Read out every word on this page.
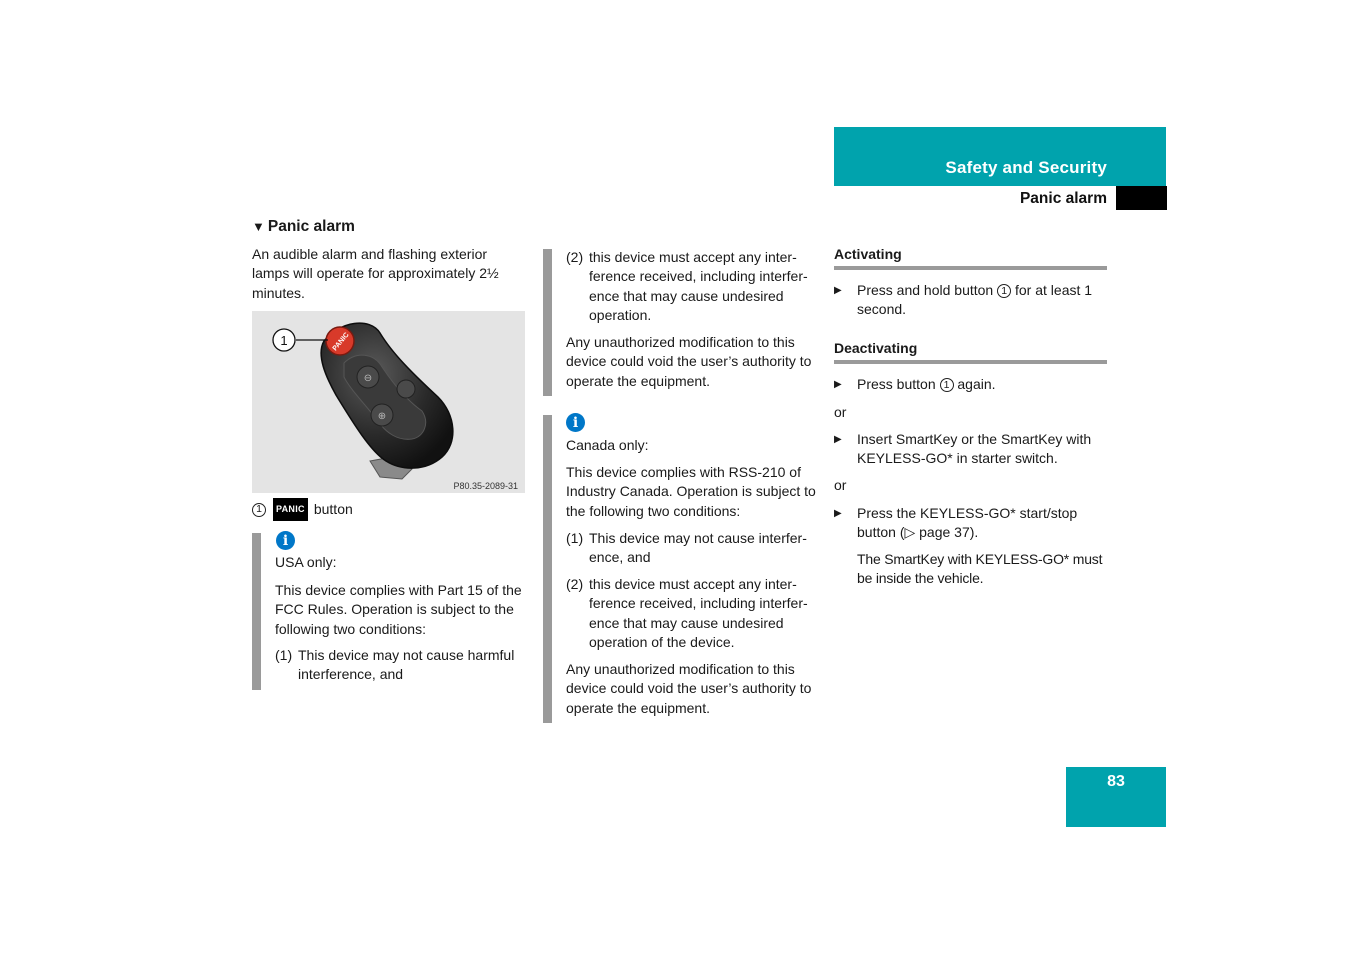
Safety and Security
Panic alarm
▼ Panic alarm

An audible alarm and flashing exterior lamps will operate for approximately 2½ minutes.

⊖
⊕
PANIC
1
P80.35-2089-31
1	PANIC button
i

USA only:

This device complies with Part 15 of the FCC Rules. Operation is subject to the following two conditions:

(1) This device may not cause harmful interference, and
(2) this device must accept any inter-ference received, including interfer-ence that may cause undesired operation.

Any unauthorized modification to this device could void the user’s authority to operate the equipment.

i

Canada only:

This device complies with RSS-210 of Industry Canada. Operation is subject to the following two conditions:

(1) This device may not cause interfer-ence, and
(2) this device must accept any inter-ference received, including interfer-ence that may cause undesired operation of the device.

Any unauthorized modification to this device could void the user’s authority to operate the equipment.

Activating
▶	Press and hold button 1 for at least 1 second.
Deactivating
▶	Press button 1 again.

or

▶	Insert SmartKey or the SmartKey with KEYLESS-GO* in starter switch.

or

▶	Press the KEYLESS-GO* start/stop button (▷ page 37).

The SmartKey with KEYLESS-GO* must be inside the vehicle.

83
